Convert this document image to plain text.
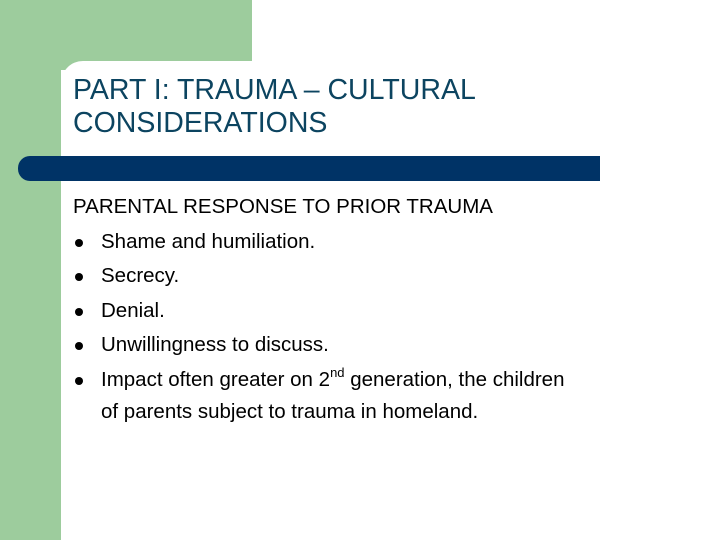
PART I: TRAUMA – CULTURAL
CONSIDERATIONS
PARENTAL RESPONSE TO PRIOR TRAUMA
Shame and humiliation.
Secrecy.
Denial.
Unwillingness to discuss.
Impact often greater on 2nd generation, the children
of parents subject to trauma in homeland.
